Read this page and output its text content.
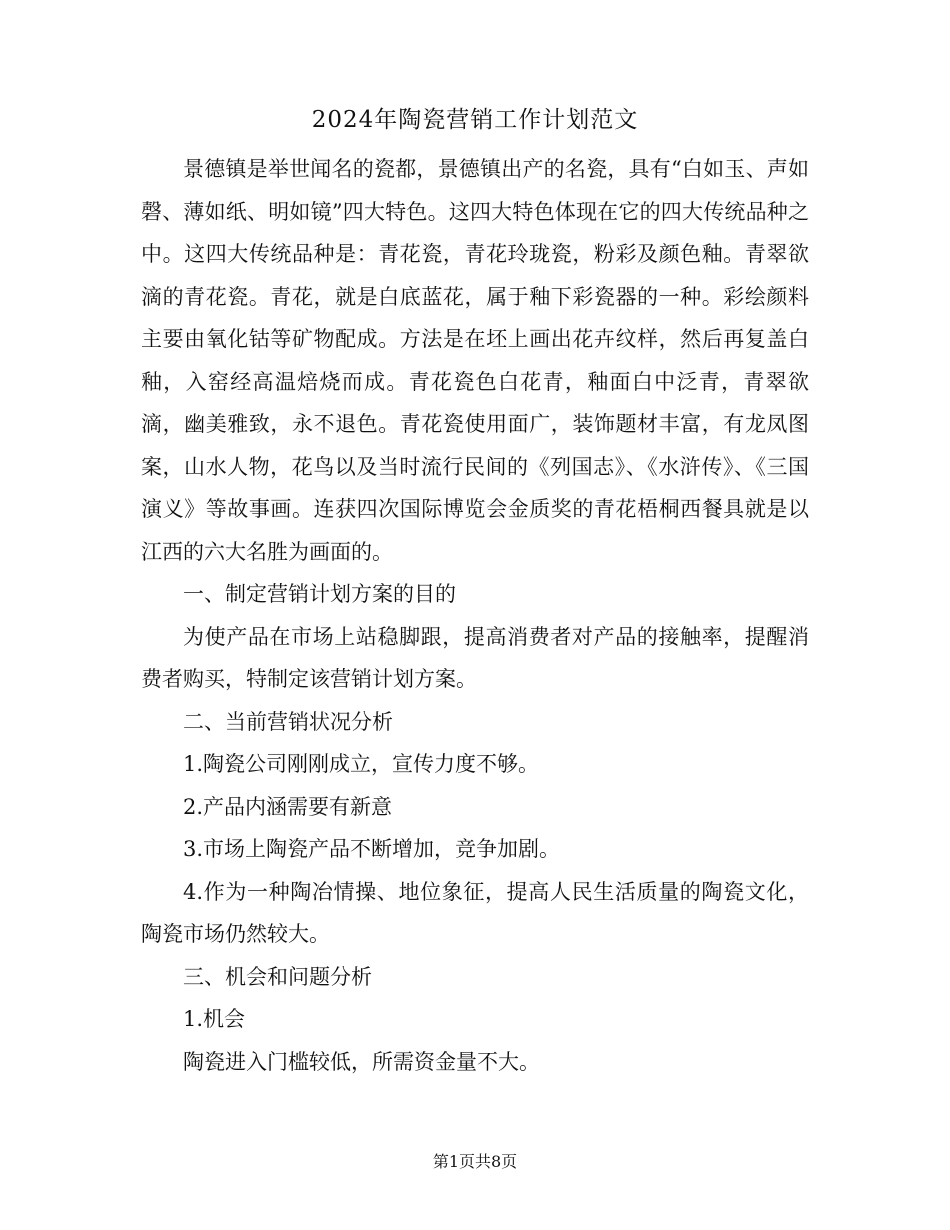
2024年陶瓷营销工作计划范文

景德镇是举世闻名的瓷都，景德镇出产的名瓷，具有“白如玉、声如磬、薄如纸、明如镜”四大特色。这四大特色体现在它的四大传统品种之中。这四大传统品种是：青花瓷，青花玲珑瓷，粉彩及颜色釉。青翠欲滴的青花瓷。青花，就是白底蓝花，属于釉下彩瓷器的一种。彩绘颜料主要由氧化钴等矿物配成。方法是在坯上画出花卉纹样，然后再复盖白釉，入窑经高温焙烧而成。青花瓷色白花青，釉面白中泛青，青翠欲滴，幽美雅致，永不退色。青花瓷使用面广，装饰题材丰富，有龙凤图案，山水人物，花鸟以及当时流行民间的《列国志》、《水浒传》、《三国演义》等故事画。连获四次国际博览会金质奖的青花梧桐西餐具就是以江西的六大名胜为画面的。

一、制定营销计划方案的目的

为使产品在市场上站稳脚跟，提高消费者对产品的接触率，提醒消费者购买，特制定该营销计划方案。

二、当前营销状况分析

1.陶瓷公司刚刚成立，宣传力度不够。

2.产品内涵需要有新意

3.市场上陶瓷产品不断增加，竞争加剧。

4.作为一种陶冶情操、地位象征，提高人民生活质量的陶瓷文化，陶瓷市场仍然较大。

三、机会和问题分析

1.机会

陶瓷进入门槛较低，所需资金量不大。

第1页共8页
